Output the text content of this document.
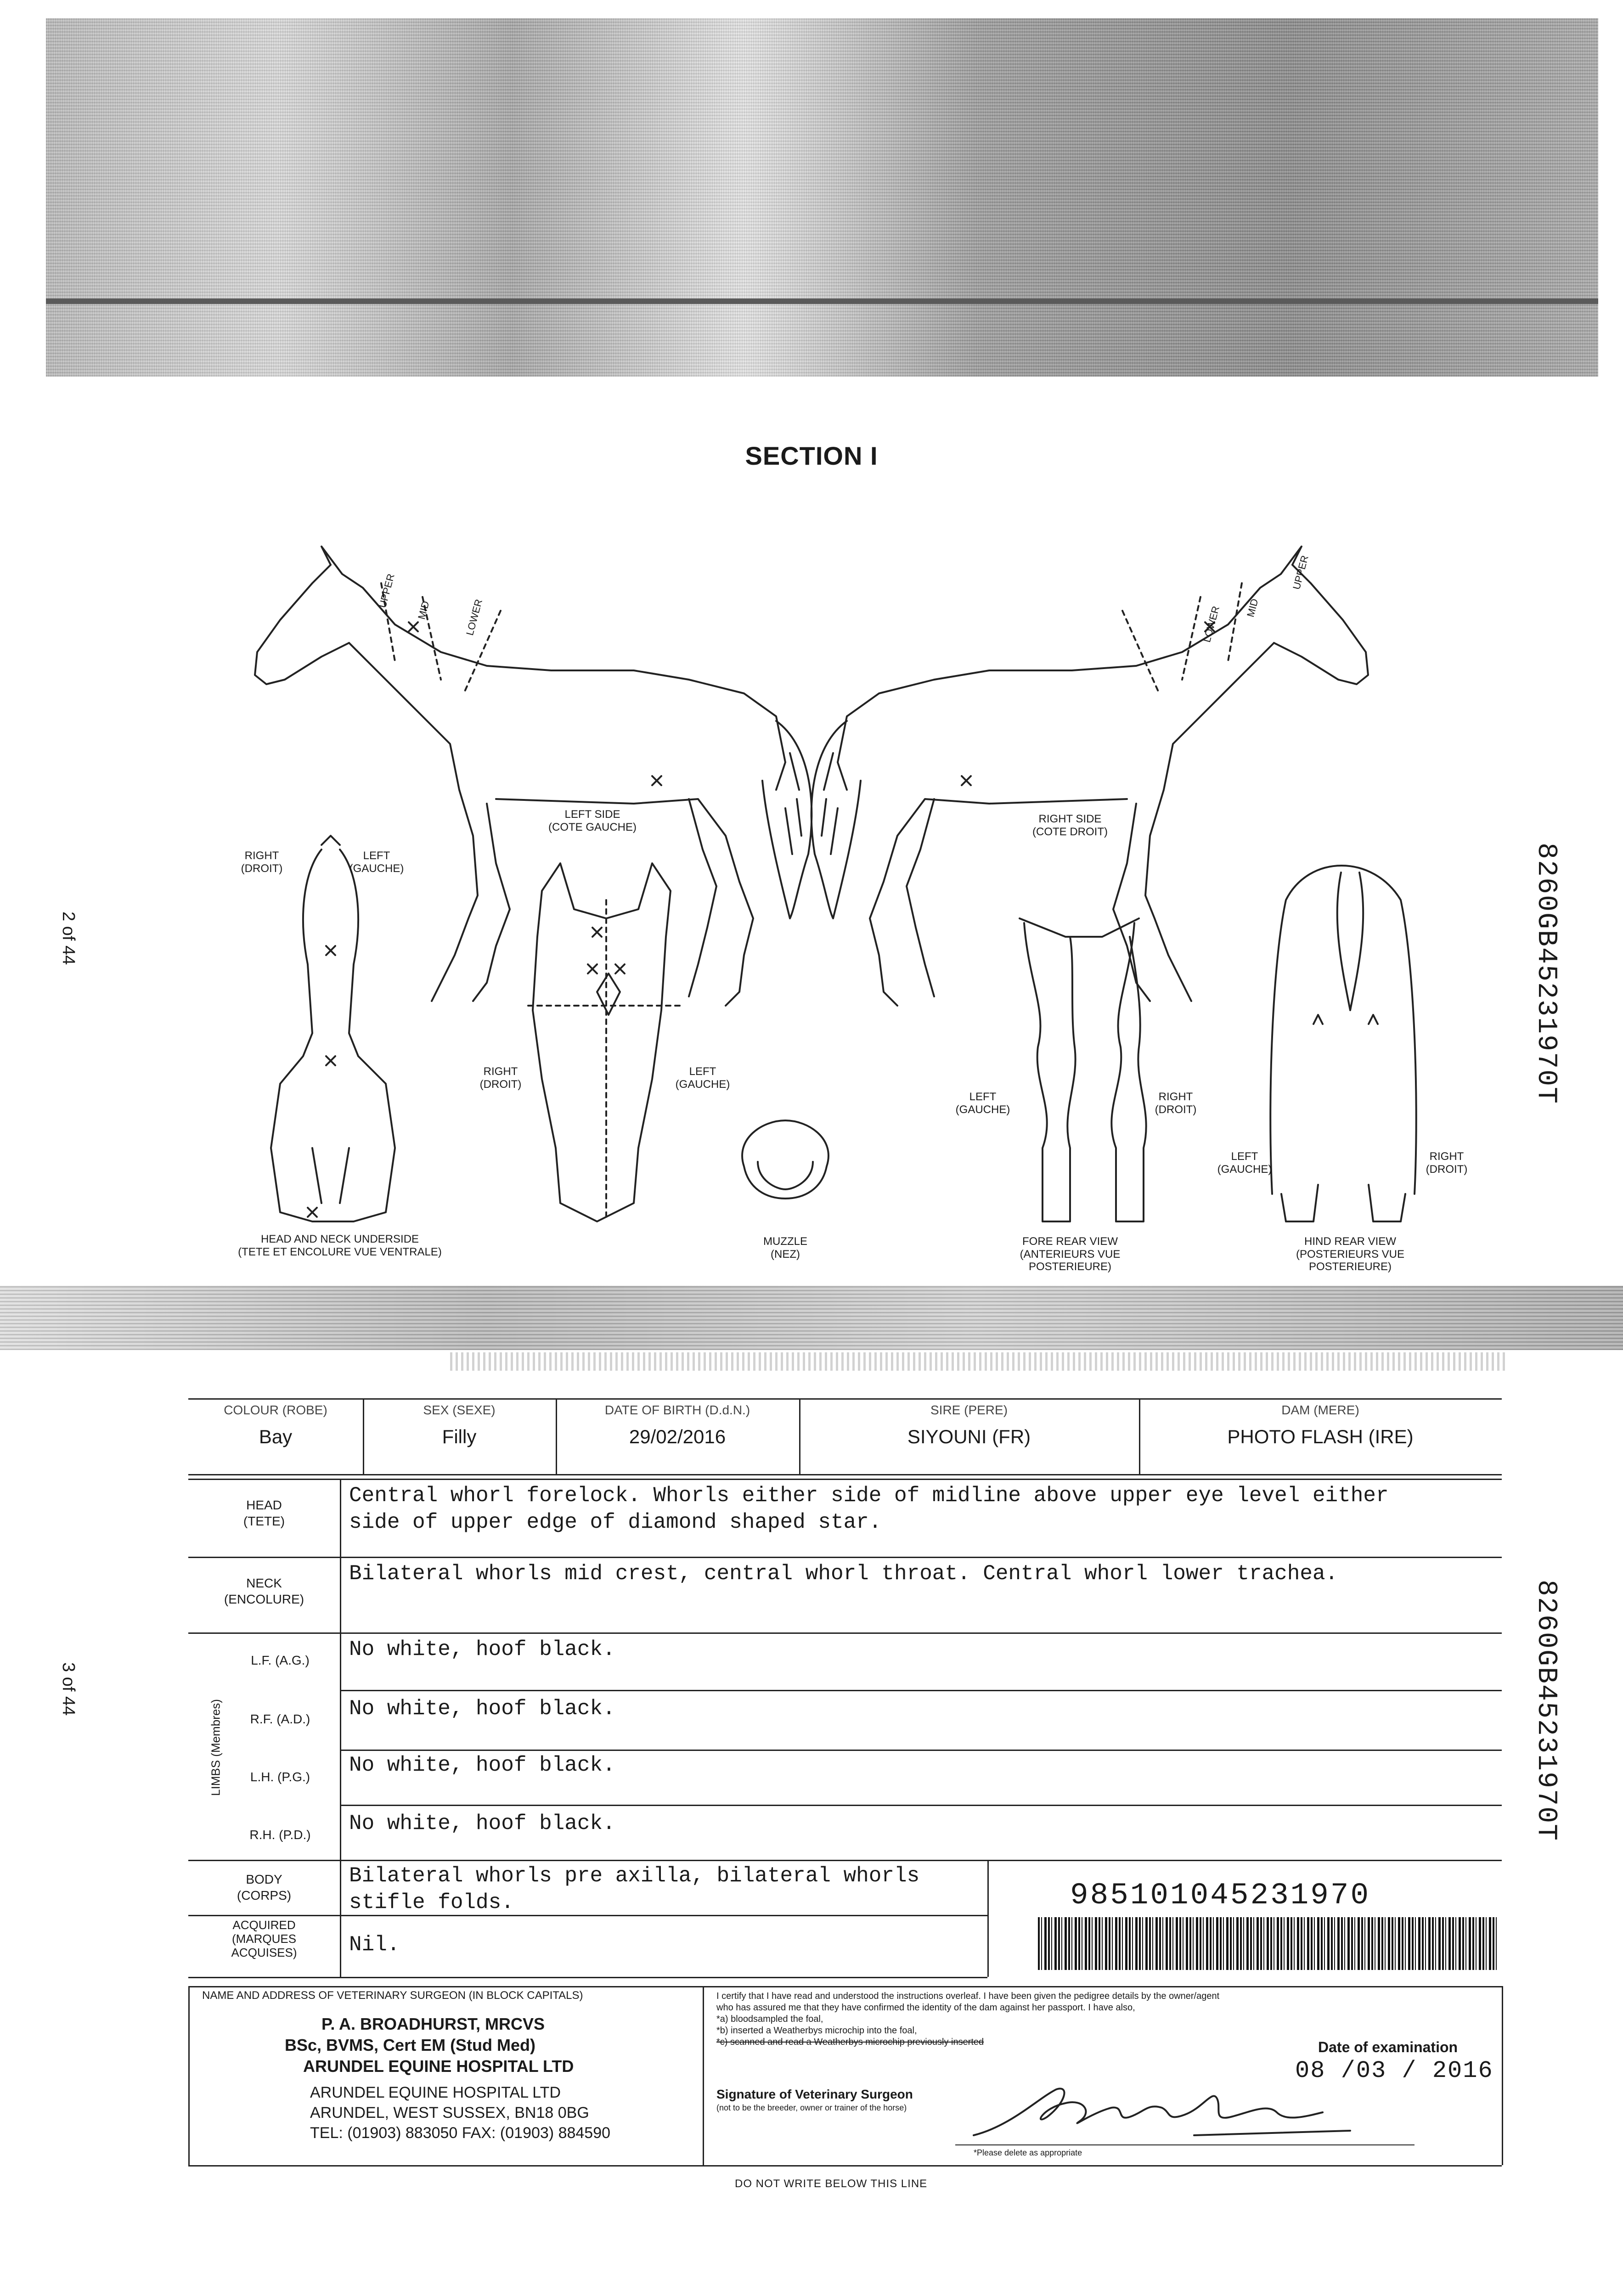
SECTION I
2 of 44
3 of 44
8260GB45231970T
8260GB45231970T
UPPER
MID	LOWER
UPPER
MID
LOWER
LEFT SIDE
(COTE GAUCHE)
RIGHT SIDE
(COTE DROIT)
RIGHT
(DROIT)
LEFT
(GAUCHE)
HEAD AND NECK UNDERSIDE
(TETE ET ENCOLURE VUE VENTRALE)
RIGHT
(DROIT)
LEFT
(GAUCHE)
MUZZLE
(NEZ)
LEFT
(GAUCHE)
RIGHT
(DROIT)
FORE REAR VIEW
(ANTERIEURS VUE
POSTERIEURE)
LEFT
(GAUCHE)
RIGHT
(DROIT)
HIND REAR VIEW
(POSTERIEURS VUE
POSTERIEURE)
COLOUR (ROBE)
Bay
SEX (SEXE)
Filly
DATE OF BIRTH (D.d.N.)
29/02/2016
SIRE (PERE)
SIYOUNI (FR)
DAM (MERE)
PHOTO FLASH (IRE)
HEAD
(TETE)
Central whorl forelock. Whorls either side of midline above upper eye level either
side of upper edge of diamond shaped star.
NECK
(ENCOLURE)
Bilateral whorls mid crest, central whorl throat. Central whorl lower trachea.
LIMBS (Membres)
L.F. (A.G.)	No white, hoof black.
R.F. (A.D.)	No white, hoof black.
L.H. (P.G.)	No white, hoof black.
R.H. (P.D.)	No white, hoof black.
BODY
(CORPS)
Bilateral whorls pre axilla, bilateral whorls
stifle folds.
ACQUIRED
(MARQUES
ACQUISES)	Nil.
985101045231970
NAME AND ADDRESS OF VETERINARY SURGEON (IN BLOCK CAPITALS)
P. A. BROADHURST, MRCVS
BSc, BVMS, Cert EM (Stud Med)
ARUNDEL EQUINE HOSPITAL LTD
ARUNDEL EQUINE HOSPITAL LTD
ARUNDEL, WEST SUSSEX, BN18 0BG
TEL: (01903) 883050 FAX: (01903) 884590
I certify that I have read and understood the instructions overleaf. I have been given the pedigree details by the owner/agent
who has assured me that they have confirmed the identity of the dam against her passport. I have also,
*a) bloodsampled the foal,
*b) inserted a Weatherbys microchip into the foal,
*c) scanned and read a Weatherbys microchip previously inserted	Date of examination
08 /03 / 2016
Signature of Veterinary Surgeon
(not to be the breeder, owner or trainer of the horse)
*Please delete as appropriate
DO NOT WRITE BELOW THIS LINE
